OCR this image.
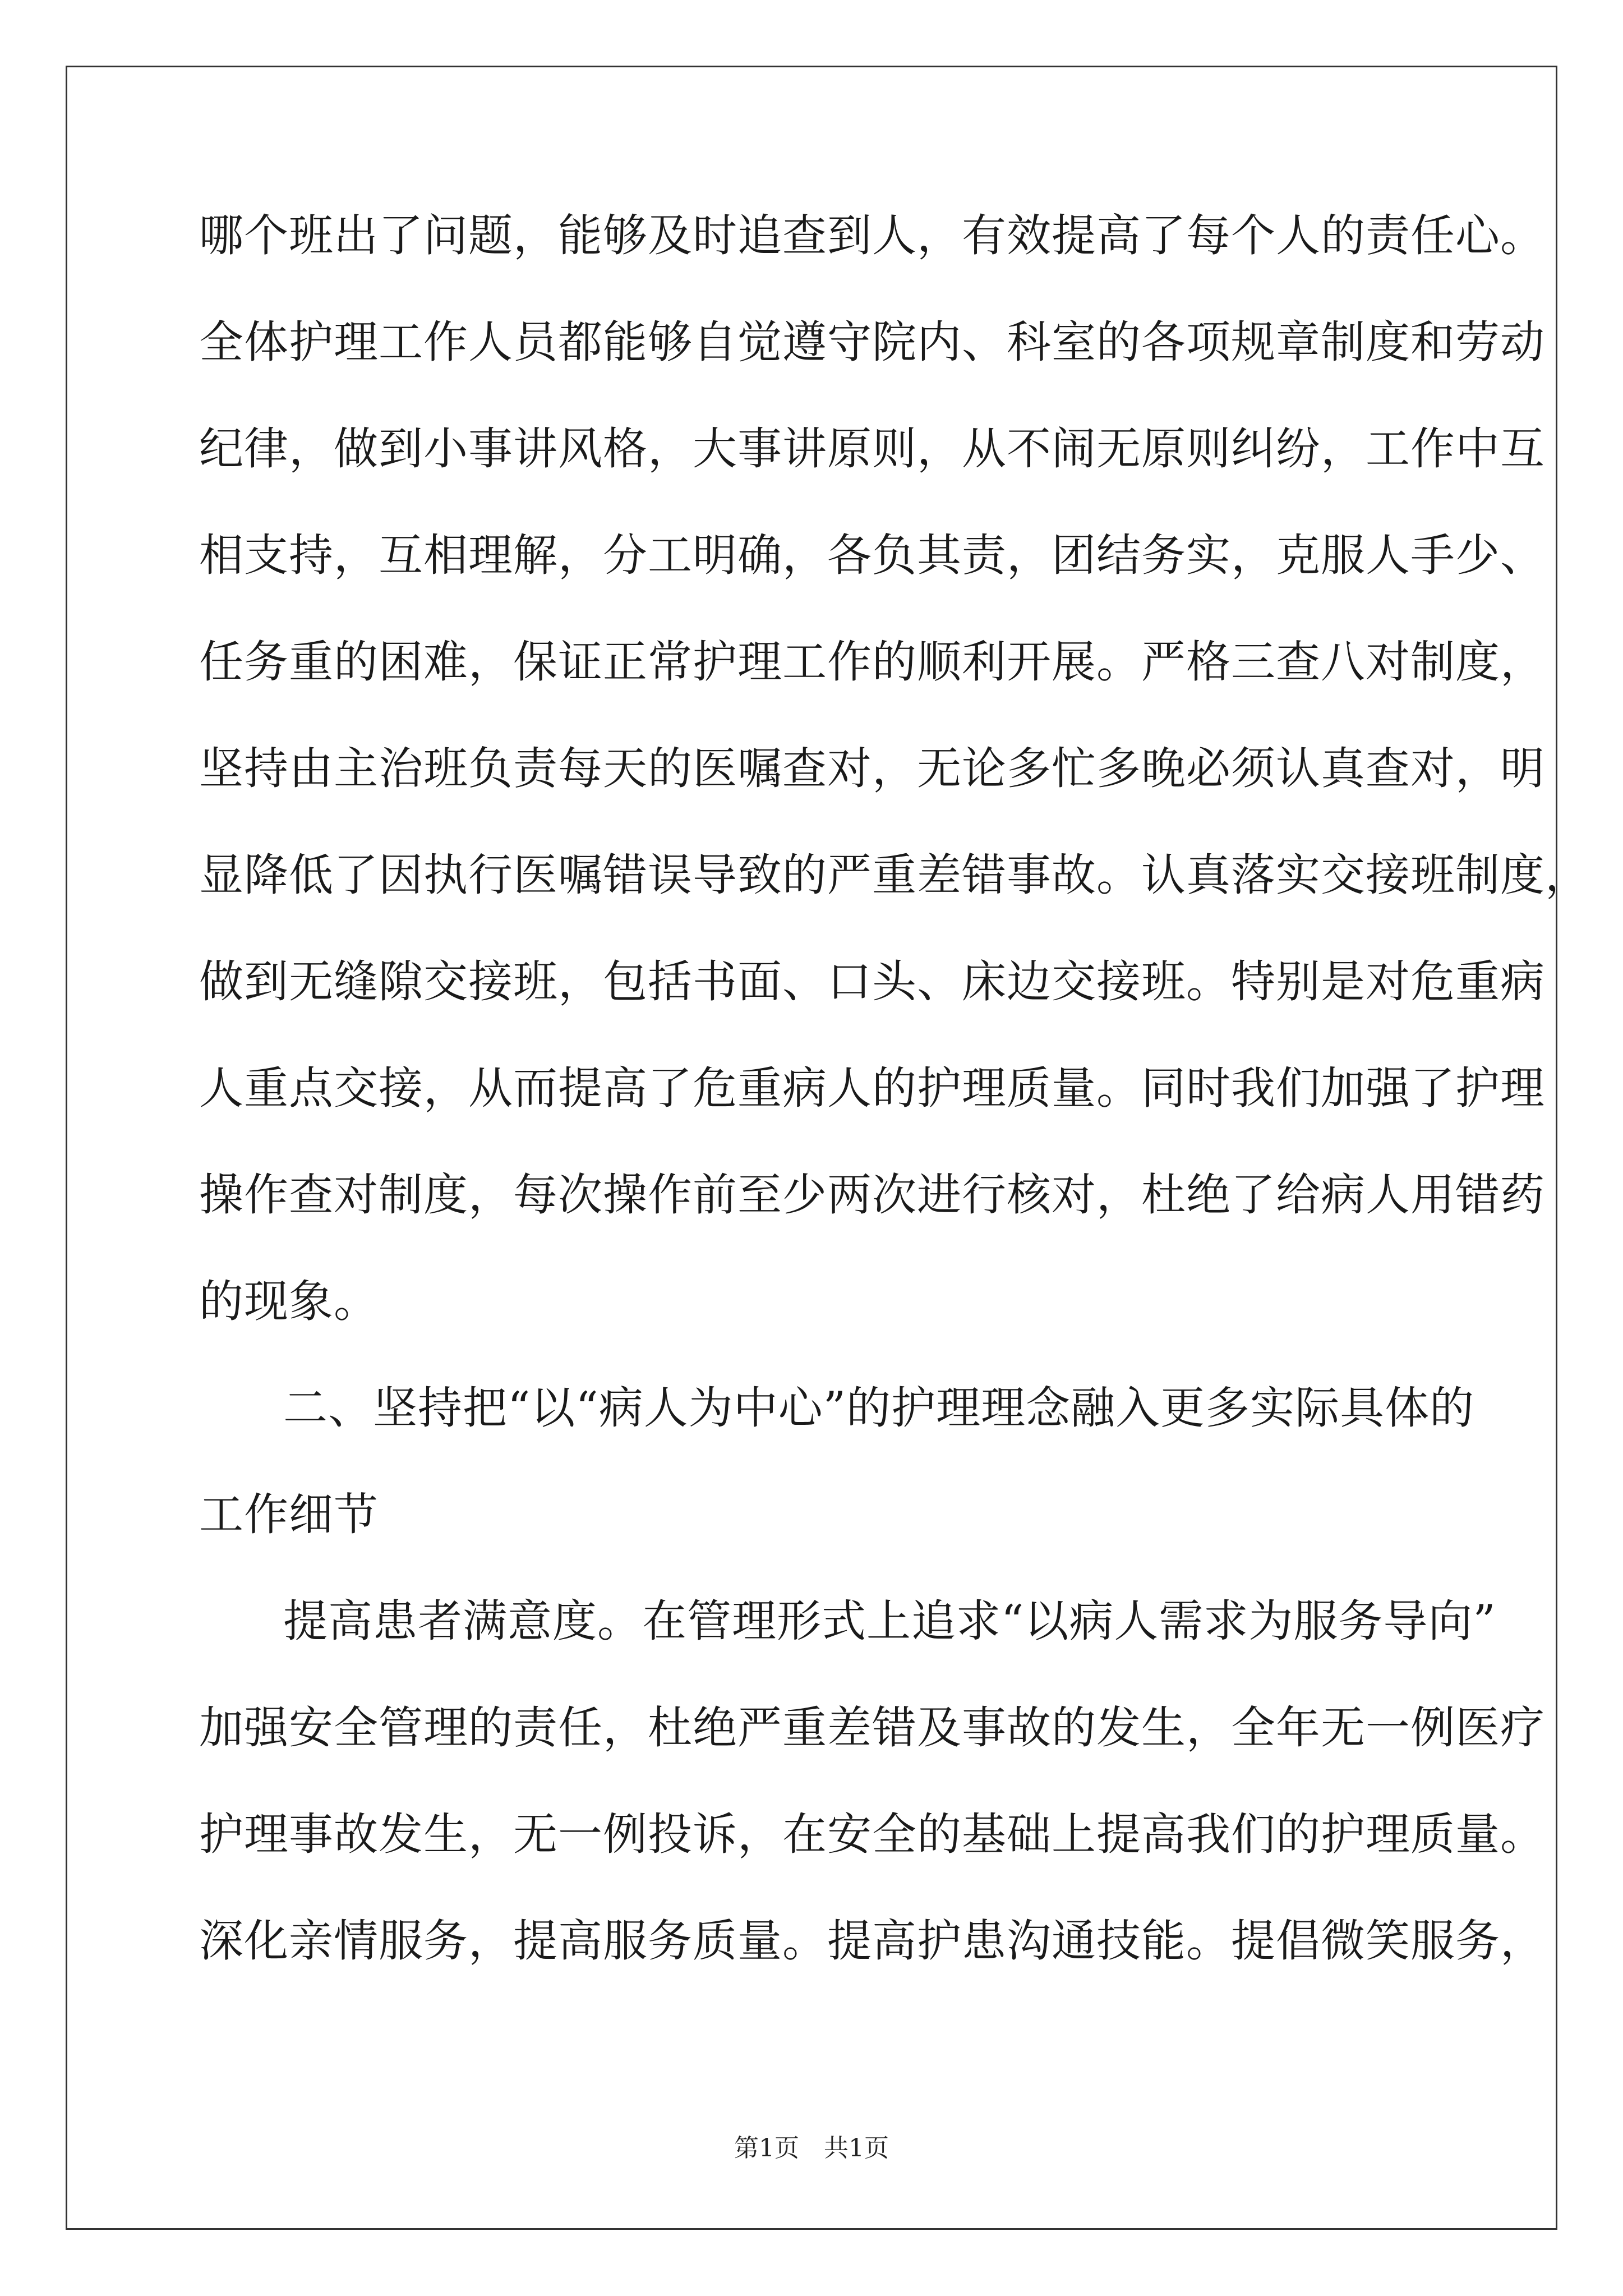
哪个班出了问题，能够及时追查到人，有效提高了每个人的责任心。
全体护理工作人员都能够自觉遵守院内、科室的各项规章制度和劳动
纪律，做到小事讲风格，大事讲原则，从不闹无原则纠纷，工作中互
相支持，互相理解，分工明确，各负其责，团结务实，克服人手少、
任务重的困难，保证正常护理工作的顺利开展。严格三查八对制度，
坚持由主治班负责每天的医嘱查对，无论多忙多晚必须认真查对，明
显降低了因执行医嘱错误导致的严重差错事故。认真落实交接班制度，
做到无缝隙交接班，包括书面、口头、床边交接班。特别是对危重病
人重点交接，从而提高了危重病人的护理质量。同时我们加强了护理
操作查对制度，每次操作前至少两次进行核对，杜绝了给病人用错药
的现象。
二、坚持把“以“病人为中心”的护理理念融入更多实际具体的
工作细节
提高患者满意度。在管理形式上追求“以病人需求为服务导向”
加强安全管理的责任，杜绝严重差错及事故的发生，全年无一例医疗
护理事故发生，无一例投诉，在安全的基础上提高我们的护理质量。
深化亲情服务，提高服务质量。提高护患沟通技能。提倡微笑服务，
第1页　共1页
